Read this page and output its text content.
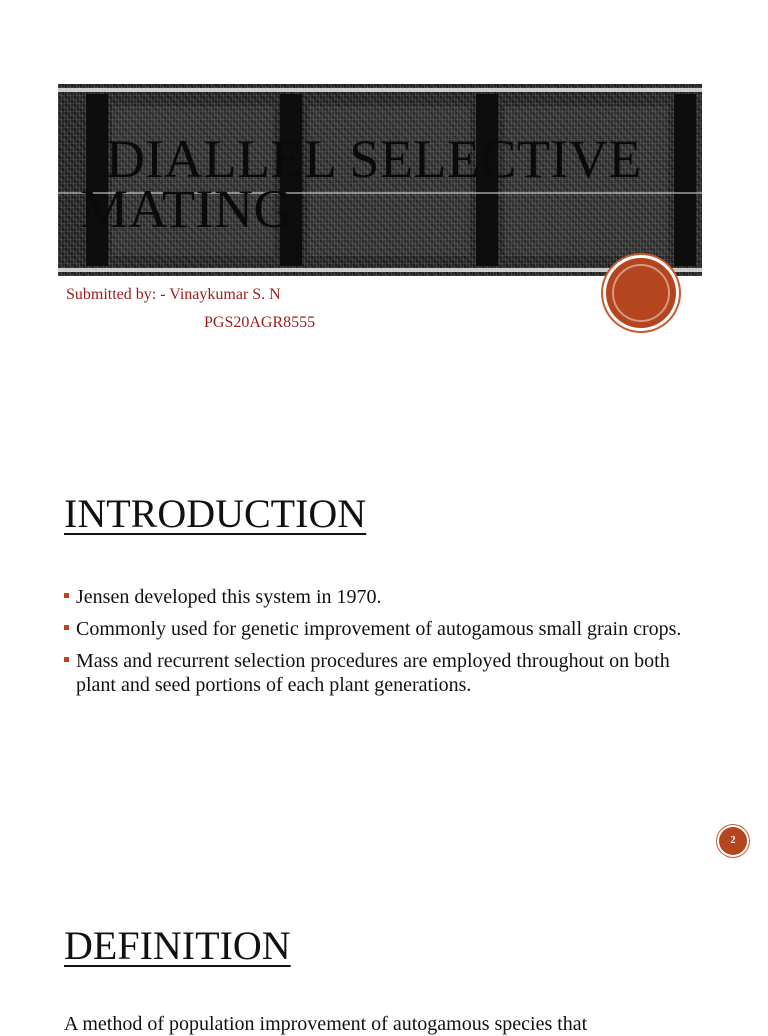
DIALLEL SELECTIVE
MATING
Submitted by: - Vinaykumar S. N
PGS20AGR8555
INTRODUCTION
Jensen developed this system in 1970.
Commonly used for genetic improvement of autogamous small grain crops.
Mass and recurrent selection procedures are employed throughout on both plant and seed portions of each plant generations.
2
DEFINITION
A method of population improvement of autogamous species that
